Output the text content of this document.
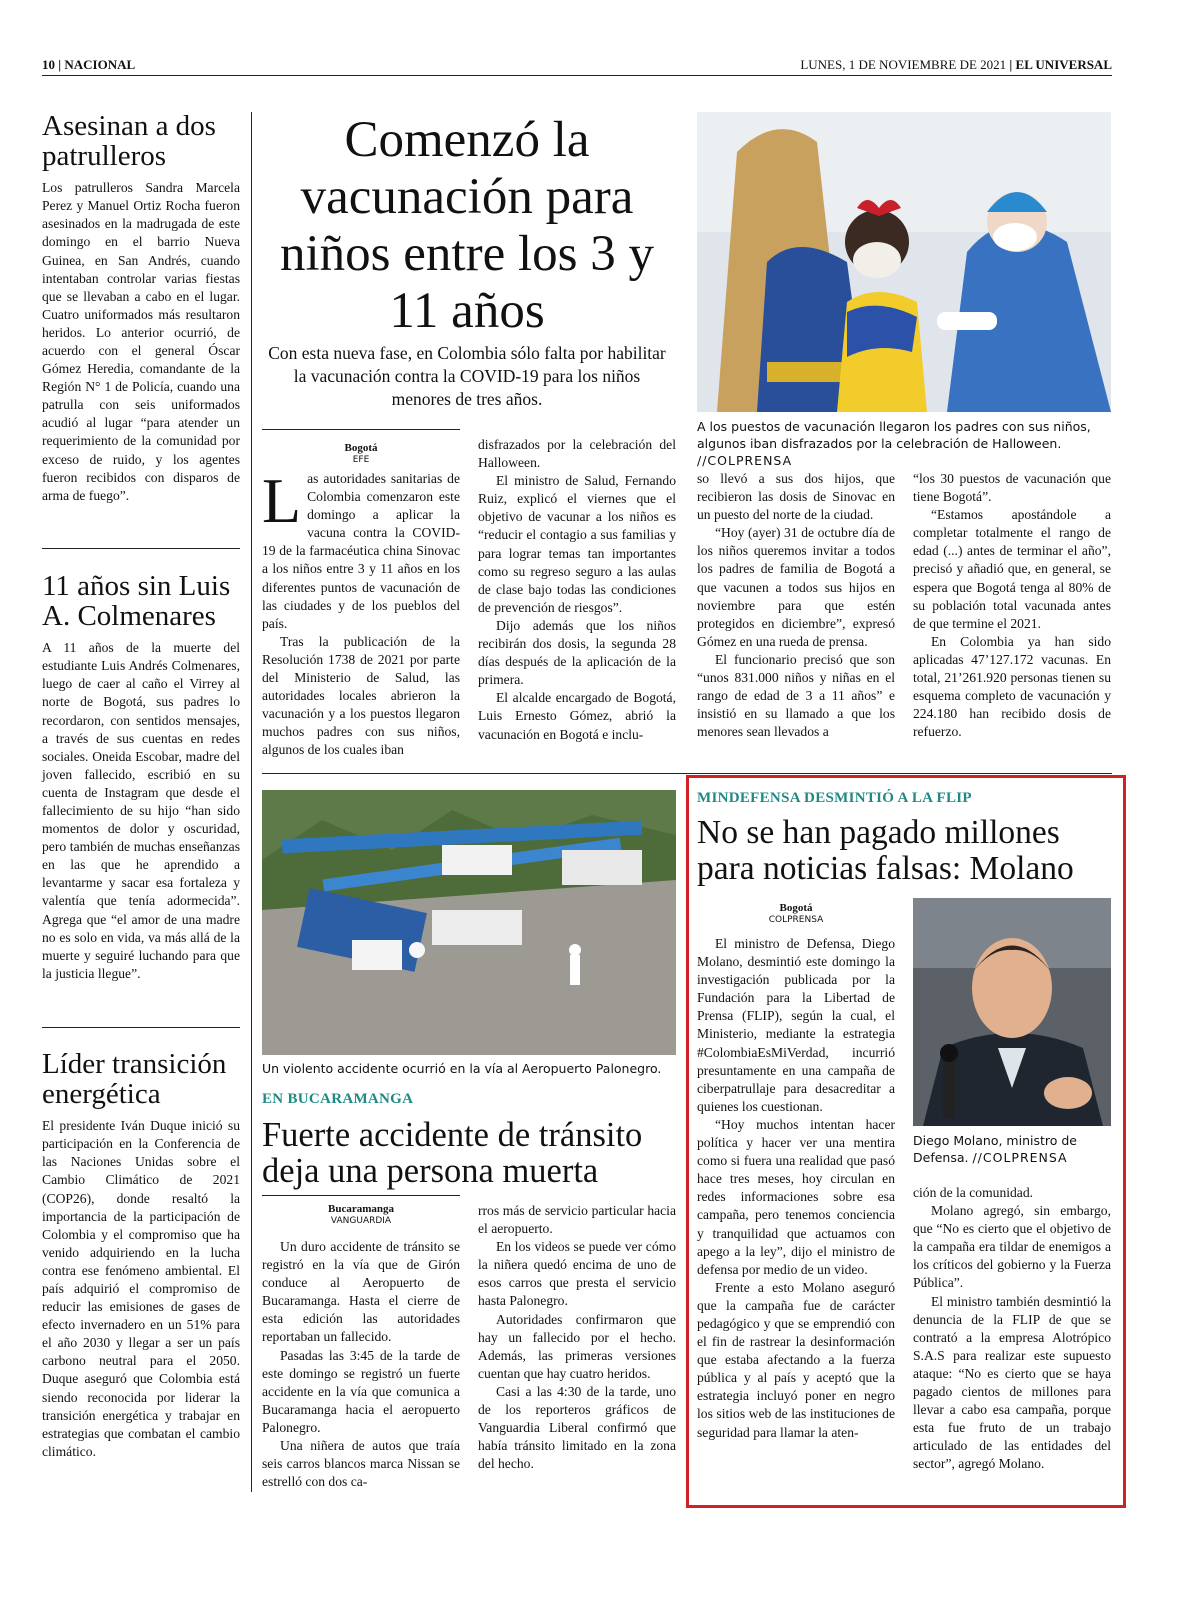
10 | NACIONAL	LUNES, 1 DE NOVIEMBRE DE 2021 | EL UNIVERSAL
Asesinan a dos patrulleros

Los patrulleros Sandra Marcela Perez y Manuel Ortiz Rocha fueron asesinados en la madrugada de este domingo en el barrio Nueva Guinea, en San Andrés, cuando intentaban controlar varias fiestas que se llevaban a cabo en el lugar. Cuatro uniformados más resultaron heridos. Lo anterior ocurrió, de acuerdo con el general Óscar Gómez Heredia, comandante de la Región N° 1 de Policía, cuando una patrulla con seis uniformados acudió al lugar “para atender un requerimiento de la comunidad por exceso de ruido, y los agentes fueron recibidos con disparos de arma de fuego”.

11 años sin Luis A. Colmenares

A 11 años de la muerte del estudiante Luis Andrés Colmenares, luego de caer al caño el Virrey al norte de Bogotá, sus padres lo recordaron, con sentidos mensajes, a través de sus cuentas en redes sociales. Oneida Escobar, madre del joven fallecido, escribió en su cuenta de Instagram que desde el fallecimiento de su hijo “han sido momentos de dolor y oscuridad, pero también de muchas enseñanzas en las que he aprendido a levantarme y sacar esa fortaleza y valentía que tenía adormecida”. Agrega que “el amor de una madre no es solo en vida, va más allá de la muerte y seguiré luchando para que la justicia llegue”.

Líder transición energética

El presidente Iván Duque inició su participación en la Conferencia de las Naciones Unidas sobre el Cambio Climático de 2021 (COP26), donde resaltó la importancia de la participación de Colombia y el compromiso que ha venido adquiriendo en la lucha contra ese fenómeno ambiental. El país adquirió el compromiso de reducir las emisiones de gases de efecto invernadero en un 51% para el año 2030 y llegar a ser un país carbono neutral para el 2050. Duque aseguró que Colombia está siendo reconocida por liderar la transición energética y trabajar en estrategias que combatan el cambio climático.

Comenzó la vacunación para niños entre los 3 y 11 años
Con esta nueva fase, en Colombia sólo falta por habilitar la vacunación contra la COVID-19 para los niños menores de tres años.
Bogotá
EFE
L as autoridades sanitarias de Colombia comenzaron este domingo a aplicar la vacuna contra la COVID-19 de la farmacéutica china Sinovac a los niños entre 3 y 11 años en los diferentes puntos de vacunación de las ciudades y de los pueblos del país.

Tras la publicación de la Resolución 1738 de 2021 por parte del Ministerio de Salud, las autoridades locales abrieron la vacunación y a los puestos llegaron muchos padres con sus niños, algunos de los cuales iban

disfrazados por la celebración del Halloween.

El ministro de Salud, Fernando Ruiz, explicó el viernes que el objetivo de vacunar a los niños es “reducir el contagio a sus familias y para lograr temas tan importantes como su regreso seguro a las aulas de clase bajo todas las condiciones de prevención de riesgos”.

Dijo además que los niños recibirán dos dosis, la segunda 28 días después de la aplicación de la primera.

El alcalde encargado de Bogotá, Luis Ernesto Gómez, abrió la vacunación en Bogotá e inclu-

A los puestos de vacunación llegaron los padres con sus niños, algunos iban disfrazados por la celebración de Halloween. //COLPRENSA

so llevó a sus dos hijos, que recibieron las dosis de Sinovac en un puesto del norte de la ciudad.

“Hoy (ayer) 31 de octubre día de los niños queremos invitar a todos los padres de familia de Bogotá a que vacunen a todos sus hijos en noviembre para que estén protegidos en diciembre”, expresó Gómez en una rueda de prensa.

El funcionario precisó que son “unos 831.000 niños y niñas en el rango de edad de 3 a 11 años” e insistió en su llamado a que los menores sean llevados a

“los 30 puestos de vacunación que tiene Bogotá”.

“Estamos apostándole a completar totalmente el rango de edad (...) antes de terminar el año”, precisó y añadió que, en general, se espera que Bogotá tenga al 80% de su población total vacunada antes de que termine el 2021.

En Colombia ya han sido aplicadas 47’127.172 vacunas. En total, 21’261.920 personas tienen su esquema completo de vacunación y 224.180 han recibido dosis de refuerzo.

Un violento accidente ocurrió en la vía al Aeropuerto Palonegro.
EN BUCARAMANGA
Fuerte accidente de tránsito deja una persona muerta
Bucaramanga
VANGUARDIA

Un duro accidente de tránsito se registró en la vía que de Girón conduce al Aeropuerto de Bucaramanga. Hasta el cierre de esta edición las autoridades reportaban un fallecido.

Pasadas las 3:45 de la tarde de este domingo se registró un fuerte accidente en la vía que comunica a Bucaramanga hacia el aeropuerto Palonegro.

Una niñera de autos que traía seis carros blancos marca Nissan se estrelló con dos ca-

rros más de servicio particular hacia el aeropuerto.

En los videos se puede ver cómo la niñera quedó encima de uno de esos carros que presta el servicio hasta Palonegro.

Autoridades confirmaron que hay un fallecido por el hecho. Además, las primeras versiones cuentan que hay cuatro heridos.

Casi a las 4:30 de la tarde, uno de los reporteros gráficos de Vanguardia Liberal confirmó que había tránsito limitado en la zona del hecho.

MINDEFENSA DESMINTIÓ A LA FLIP
No se han pagado millones para noticias falsas: Molano
Bogotá
COLPRENSA

El ministro de Defensa, Diego Molano, desmintió este domingo la investigación publicada por la Fundación para la Libertad de Prensa (FLIP), según la cual, el Ministerio, mediante la estrategia #ColombiaEsMiVerdad, incurrió presuntamente en una campaña de ciberpatrullaje para desacreditar a quienes los cuestionan.

“Hoy muchos intentan hacer política y hacer ver una mentira como si fuera una realidad que pasó hace tres meses, hoy circulan en redes informaciones sobre esa campaña, pero tenemos conciencia y tranquilidad que actuamos con apego a la ley”, dijo el ministro de defensa por medio de un video.

Frente a esto Molano aseguró que la campaña fue de carácter pedagógico y que se emprendió con el fin de rastrear la desinformación que estaba afectando a la fuerza pública y al país y aceptó que la estrategia incluyó poner en negro los sitios web de las instituciones de seguridad para llamar la aten-

Diego Molano, ministro de Defensa. //COLPRENSA

ción de la comunidad.

Molano agregó, sin embargo, que “No es cierto que el objetivo de la campaña era tildar de enemigos a los críticos del gobierno y la Fuerza Pública”.

El ministro también desmintió la denuncia de la FLIP de que se contrató a la empresa Alotrópico S.A.S para realizar este supuesto ataque: “No es cierto que se haya pagado cientos de millones para llevar a cabo esa campaña, porque esta fue fruto de un trabajo articulado de las entidades del sector”, agregó Molano.
